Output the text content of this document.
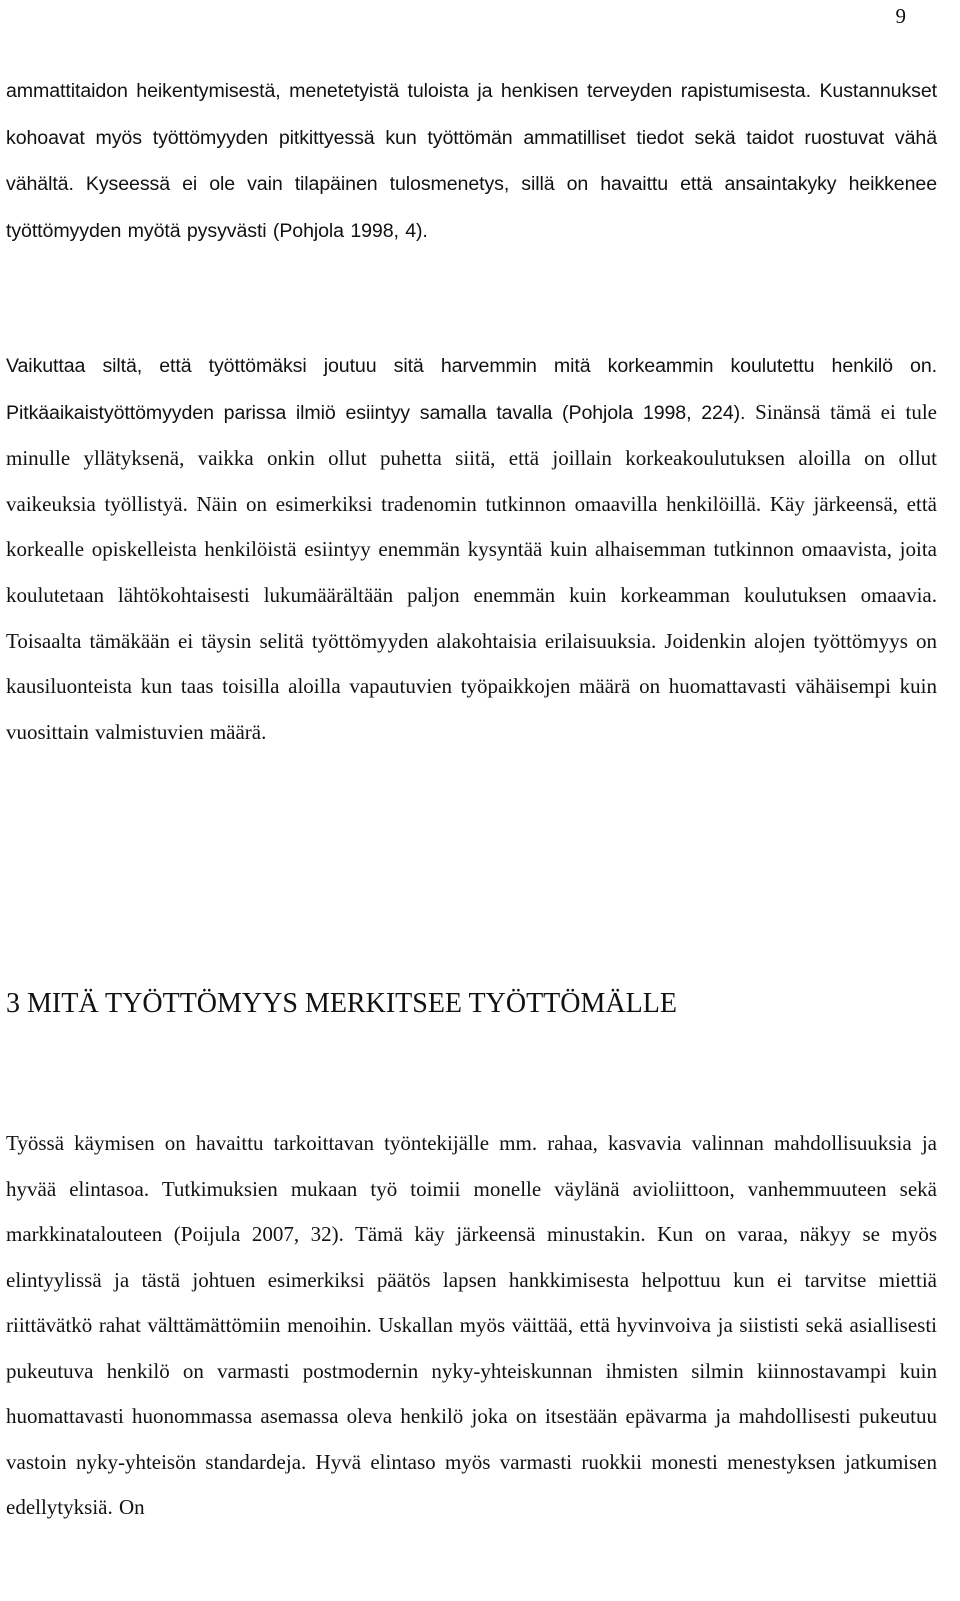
9

ammattitaidon heikentymisestä, menetetyistä tuloista ja henkisen terveyden rapistumisesta. Kustannukset kohoavat myös työttömyyden pitkittyessä kun työttömän ammatilliset tiedot sekä taidot ruostuvat vähä vähältä. Kyseessä ei ole vain tilapäinen tulosmenetys, sillä on havaittu että ansaintakyky heikkenee työttömyyden myötä pysyvästi (Pohjola 1998, 4).

Vaikuttaa siltä, että työttömäksi joutuu sitä harvemmin mitä korkeammin koulutettu henkilö on. Pitkäaikaistyöttömyyden parissa ilmiö esiintyy samalla tavalla (Pohjola 1998, 224). Sinänsä tämä ei tule minulle yllätyksenä, vaikka onkin ollut puhetta siitä, että joillain korkeakoulutuksen aloilla on ollut vaikeuksia työllistyä. Näin on esimerkiksi tradenomin tutkinnon omaavilla henkilöillä. Käy järkeensä, että korkealle opiskelleista henkilöistä esiintyy enemmän kysyntää kuin alhaisemman tutkinnon omaavista, joita koulutetaan lähtökohtaisesti lukumäärältään paljon enemmän kuin korkeamman koulutuksen omaavia. Toisaalta tämäkään ei täysin selitä työttömyyden alakohtaisia erilaisuuksia. Joidenkin alojen työttömyys on kausiluonteista kun taas toisilla aloilla vapautuvien työpaikkojen määrä on huomattavasti vähäisempi kuin vuosittain valmistuvien määrä.

3 MITÄ TYÖTTÖMYYS MERKITSEE TYÖTTÖMÄLLE

Työssä käymisen on havaittu tarkoittavan työntekijälle mm. rahaa, kasvavia valinnan mahdollisuuksia ja hyvää elintasoa. Tutkimuksien mukaan työ toimii monelle väylänä avioliittoon, vanhemmuuteen sekä markkinatalouteen (Poijula 2007, 32). Tämä käy järkeensä minustakin. Kun on varaa, näkyy se myös elintyylissä ja tästä johtuen esimerkiksi päätös lapsen hankkimisesta helpottuu kun ei tarvitse miettiä riittävätkö rahat välttämättömiin menoihin. Uskallan myös väittää, että hyvinvoiva ja siististi sekä asiallisesti pukeutuva henkilö on varmasti postmodernin nyky-yhteiskunnan ihmisten silmin kiinnostavampi kuin huomattavasti huonommassa asemassa oleva henkilö joka on itsestään epävarma ja mahdollisesti pukeutuu vastoin nyky-yhteisön standardeja. Hyvä elintaso myös varmasti ruokkii monesti menestyksen jatkumisen edellytyksiä. On
